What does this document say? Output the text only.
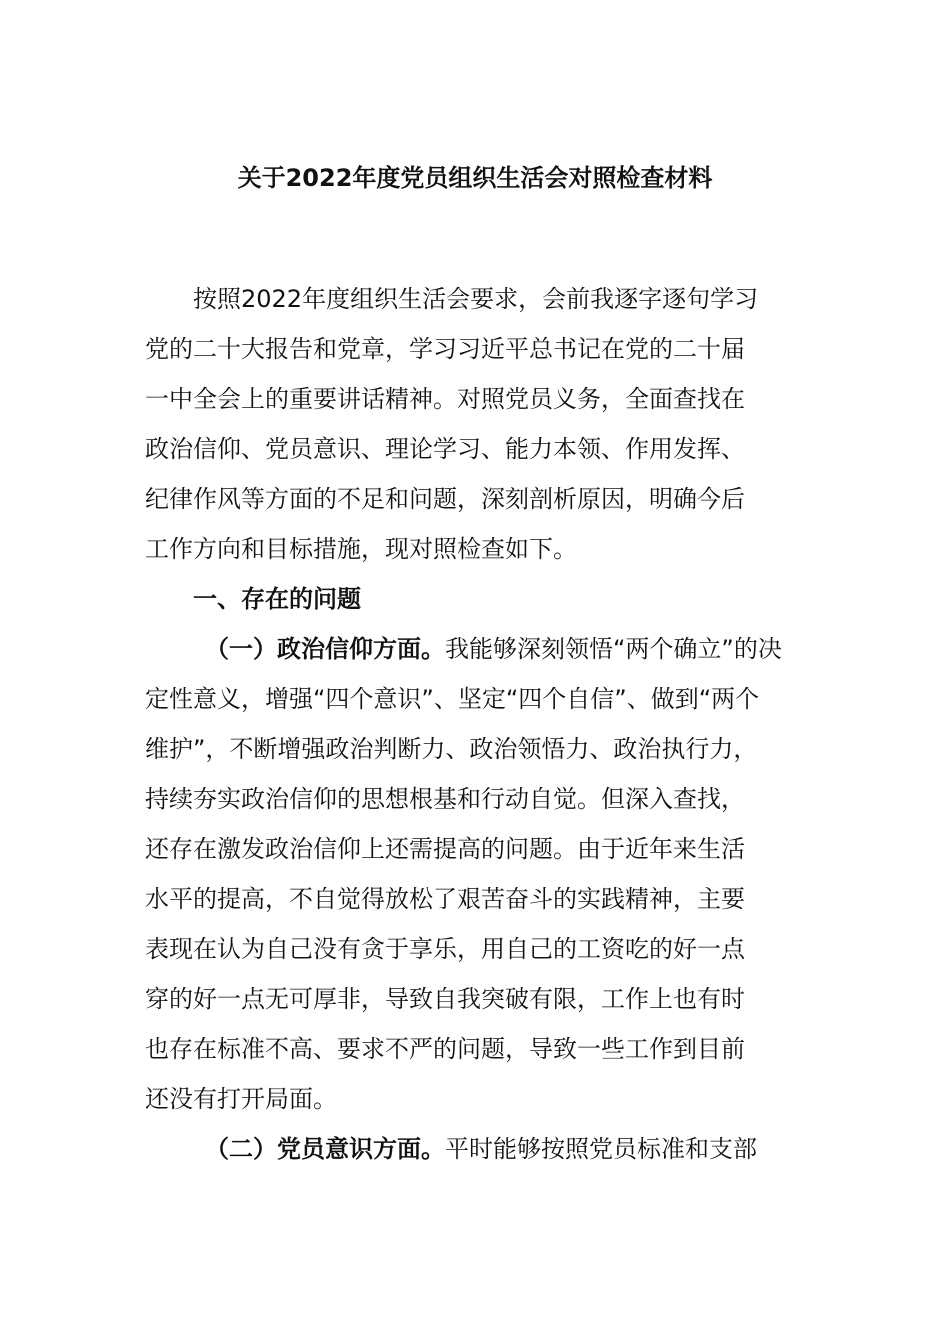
关于2022年度党员组织生活会对照检查材料
按照2022年度组织生活会要求，会前我逐字逐句学习
党的二十大报告和党章，学习习近平总书记在党的二十届
一中全会上的重要讲话精神。对照党员义务，全面查找在
政治信仰、党员意识、理论学习、能力本领、作用发挥、
纪律作风等方面的不足和问题，深刻剖析原因，明确今后
工作方向和目标措施，现对照检查如下。
一、存在的问题
（一）政治信仰方面。我能够深刻领悟“两个确立”的决
定性意义，增强“四个意识”、坚定“四个自信”、做到“两个
维护”，不断增强政治判断力、政治领悟力、政治执行力，
持续夯实政治信仰的思想根基和行动自觉。但深入查找，
还存在激发政治信仰上还需提高的问题。由于近年来生活
水平的提高，不自觉得放松了艰苦奋斗的实践精神，主要
表现在认为自己没有贪于享乐，用自己的工资吃的好一点
穿的好一点无可厚非，导致自我突破有限，工作上也有时
也存在标准不高、要求不严的问题，导致一些工作到目前
还没有打开局面。
（二）党员意识方面。平时能够按照党员标准和支部
